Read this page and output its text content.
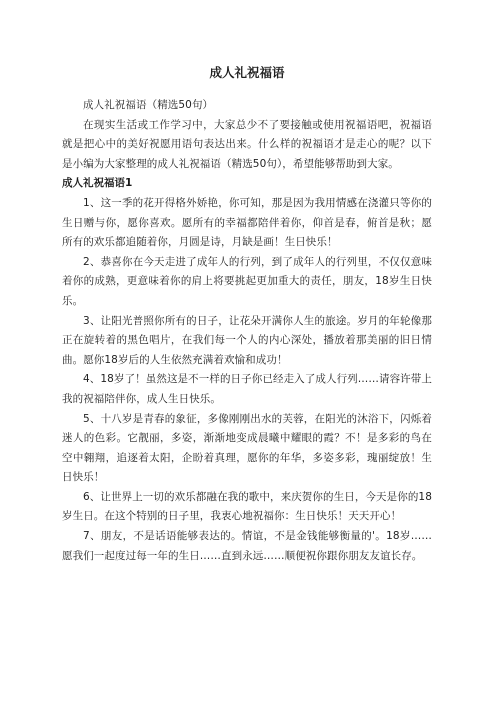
成人礼祝福语

成人礼祝福语（精选50句）

在现实生活或工作学习中，大家总少不了要接触或使用祝福语吧，祝福语就是把心中的美好祝愿用语句表达出来。什么样的祝福语才是走心的呢？以下是小编为大家整理的成人礼祝福语（精选50句），希望能够帮助到大家。

成人礼祝福语1

1、这一季的花开得格外娇艳，你可知，那是因为我用情感在浇灌只等你的生日赠与你，愿你喜欢。愿所有的幸福都陪伴着你，仰首是春，俯首是秋；愿所有的欢乐都追随着你，月圆是诗，月缺是画！生日快乐！

2、恭喜你在今天走进了成年人的行列，到了成年人的行列里，不仅仅意味着你的成熟，更意味着你的肩上将要挑起更加重大的责任，朋友，18岁生日快乐。

3、让阳光普照你所有的日子，让花朵开满你人生的旅途。岁月的年轮像那正在旋转着的黑色唱片，在我们每一个人的内心深处，播放着那美丽的旧日情曲。愿你18岁后的人生依然充满着欢愉和成功！

4、18岁了！虽然这是不一样的日子你已经走入了成人行列……请容许带上我的祝福陪伴你，成人生日快乐。

5、十八岁是青春的象征，多像刚刚出水的芙蓉，在阳光的沐浴下，闪烁着迷人的色彩。它靓丽，多姿，渐渐地变成晨曦中耀眼的霞？不！是多彩的鸟在空中翱翔，追逐着太阳，企盼着真理，愿你的年华，多姿多彩，瑰丽绽放！生日快乐！

6、让世界上一切的欢乐都融在我的歌中，来庆贺你的生日，今天是你的18岁生日。在这个特别的日子里，我衷心地祝福你：生日快乐！天天开心！

7、朋友，不是话语能够表达的。情谊，不是金钱能够衡量的'。18岁……愿我们一起度过每一年的生日……直到永远……顺便祝你跟你朋友友谊长存。
